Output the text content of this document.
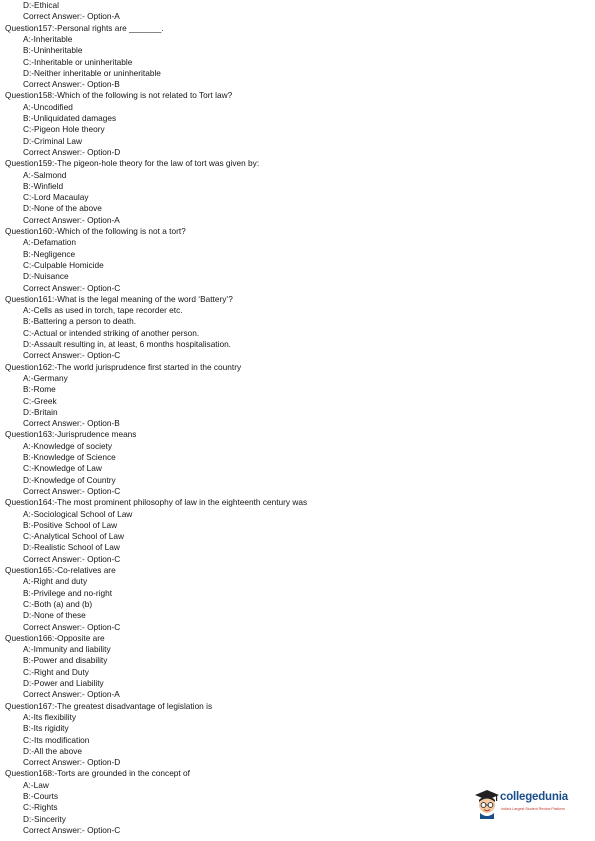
D:-Ethical
Correct Answer:- Option-A
Question157:-Personal rights are _______.
A:-Inheritable
B:-Uninheritable
C:-Inheritable or uninheritable
D:-Neither inheritable or uninheritable
Correct Answer:- Option-B
Question158:-Which of the following is not related to Tort law?
A:-Uncodified
B:-Unliquidated damages
C:-Pigeon Hole theory
D:-Criminal Law
Correct Answer:- Option-D
Question159:-The pigeon-hole theory for the law of tort was given by:
A:-Salmond
B:-Winfield
C:-Lord Macaulay
D:-None of the above
Correct Answer:- Option-A
Question160:-Which of the following is not a tort?
A:-Defamation
B:-Negligence
C:-Culpable Homicide
D:-Nuisance
Correct Answer:- Option-C
Question161:-What is the legal meaning of the word ‘Battery’?
A:-Cells as used in torch, tape recorder etc.
B:-Battering a person to death.
C:-Actual or intended striking of another person.
D:-Assault resulting in, at least, 6 months hospitalisation.
Correct Answer:- Option-C
Question162:-The world jurisprudence first started in the country
A:-Germany
B:-Rome
C:-Greek
D:-Britain
Correct Answer:- Option-B
Question163:-Jurisprudence means
A:-Knowledge of society
B:-Knowledge of Science
C:-Knowledge of Law
D:-Knowledge of Country
Correct Answer:- Option-C
Question164:-The most prominent philosophy of law in the eighteenth century was
A:-Sociological School of Law
B:-Positive School of Law
C:-Analytical School of Law
D:-Realistic School of Law
Correct Answer:- Option-C
Question165:-Co-relatives are
A:-Right and duty
B:-Privilege and no-right
C:-Both (a) and (b)
D:-None of these
Correct Answer:- Option-C
Question166:-Opposite are
A:-Immunity and liability
B:-Power and disability
C:-Right and Duty
D:-Power and Liability
Correct Answer:- Option-A
Question167:-The greatest disadvantage of legislation is
A:-Its flexibility
B:-Its rigidity
C:-Its modification
D:-All the above
Correct Answer:- Option-D
Question168:-Torts are grounded in the concept of
A:-Law
B:-Courts
C:-Rights
D:-Sincerity
Correct Answer:- Option-C
collegedunia
India's Largest Student Review Platform
